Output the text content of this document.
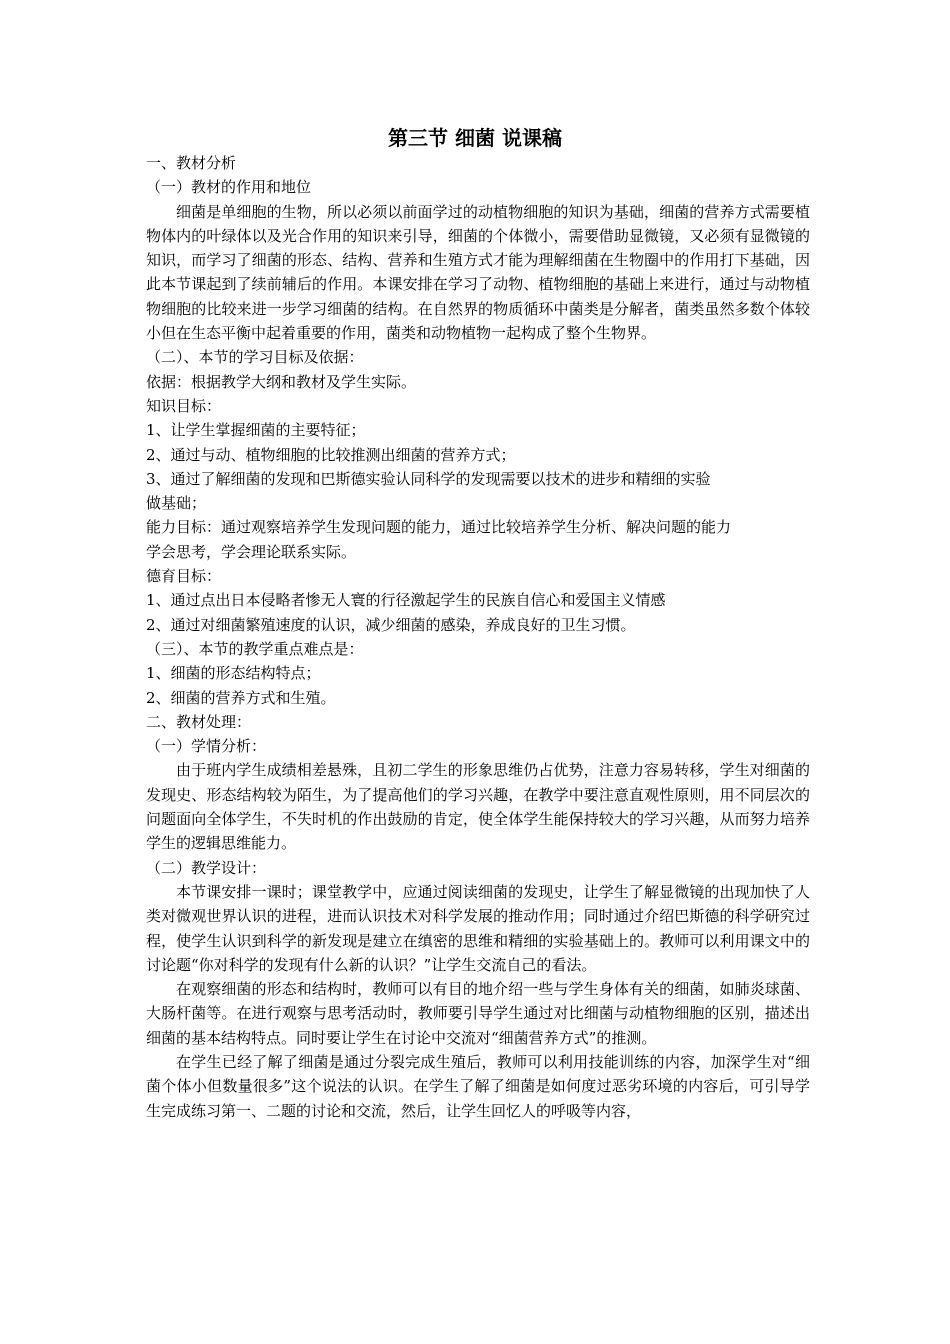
第三节 细菌 说课稿

一、教材分析

（一）教材的作用和地位

细菌是单细胞的生物，所以必须以前面学过的动植物细胞的知识为基础，细菌的营养方式需要植物体内的叶绿体以及光合作用的知识来引导，细菌的个体微小，需要借助显微镜，又必须有显微镜的知识，而学习了细菌的形态、结构、营养和生殖方式才能为理解细菌在生物圈中的作用打下基础，因此本节课起到了续前辅后的作用。本课安排在学习了动物、植物细胞的基础上来进行，通过与动物植物细胞的比较来进一步学习细菌的结构。在自然界的物质循环中菌类是分解者，菌类虽然多数个体较小但在生态平衡中起着重要的作用，菌类和动物植物一起构成了整个生物界。

（二）、本节的学习目标及依据：

依据：根据教学大纲和教材及学生实际。

知识目标：

1、让学生掌握细菌的主要特征；

2、通过与动、植物细胞的比较推测出细菌的营养方式；

3、通过了解细菌的发现和巴斯德实验认同科学的发现需要以技术的进步和精细的实验

做基础；

能力目标：通过观察培养学生发现问题的能力，通过比较培养学生分析、解决问题的能力

学会思考，学会理论联系实际。

德育目标：

1、通过点出日本侵略者惨无人寰的行径激起学生的民族自信心和爱国主义情感

2、通过对细菌繁殖速度的认识，减少细菌的感染，养成良好的卫生习惯。

（三）、本节的教学重点难点是：

1、细菌的形态结构特点；

2、细菌的营养方式和生殖。

二、教材处理：

（一）学情分析：

由于班内学生成绩相差悬殊，且初二学生的形象思维仍占优势，注意力容易转移，学生对细菌的发现史、形态结构较为陌生，为了提高他们的学习兴趣，在教学中要注意直观性原则，用不同层次的问题面向全体学生，不失时机的作出鼓励的肯定，使全体学生能保持较大的学习兴趣，从而努力培养学生的逻辑思维能力。

（二）教学设计：

本节课安排一课时；课堂教学中，应通过阅读细菌的发现史，让学生了解显微镜的出现加快了人类对微观世界认识的进程，进而认识技术对科学发展的推动作用；同时通过介绍巴斯德的科学研究过程，使学生认识到科学的新发现是建立在缜密的思维和精细的实验基础上的。教师可以利用课文中的讨论题“你对科学的发现有什么新的认识？”让学生交流自己的看法。

在观察细菌的形态和结构时，教师可以有目的地介绍一些与学生身体有关的细菌，如肺炎球菌、大肠杆菌等。在进行观察与思考活动时，教师要引导学生通过对比细菌与动植物细胞的区别，描述出细菌的基本结构特点。同时要让学生在讨论中交流对“细菌营养方式”的推测。

在学生已经了解了细菌是通过分裂完成生殖后，教师可以利用技能训练的内容，加深学生对“细菌个体小但数量很多”这个说法的认识。在学生了解了细菌是如何度过恶劣环境的内容后，可引导学生完成练习第一、二题的讨论和交流，然后，让学生回忆人的呼吸等内容，
